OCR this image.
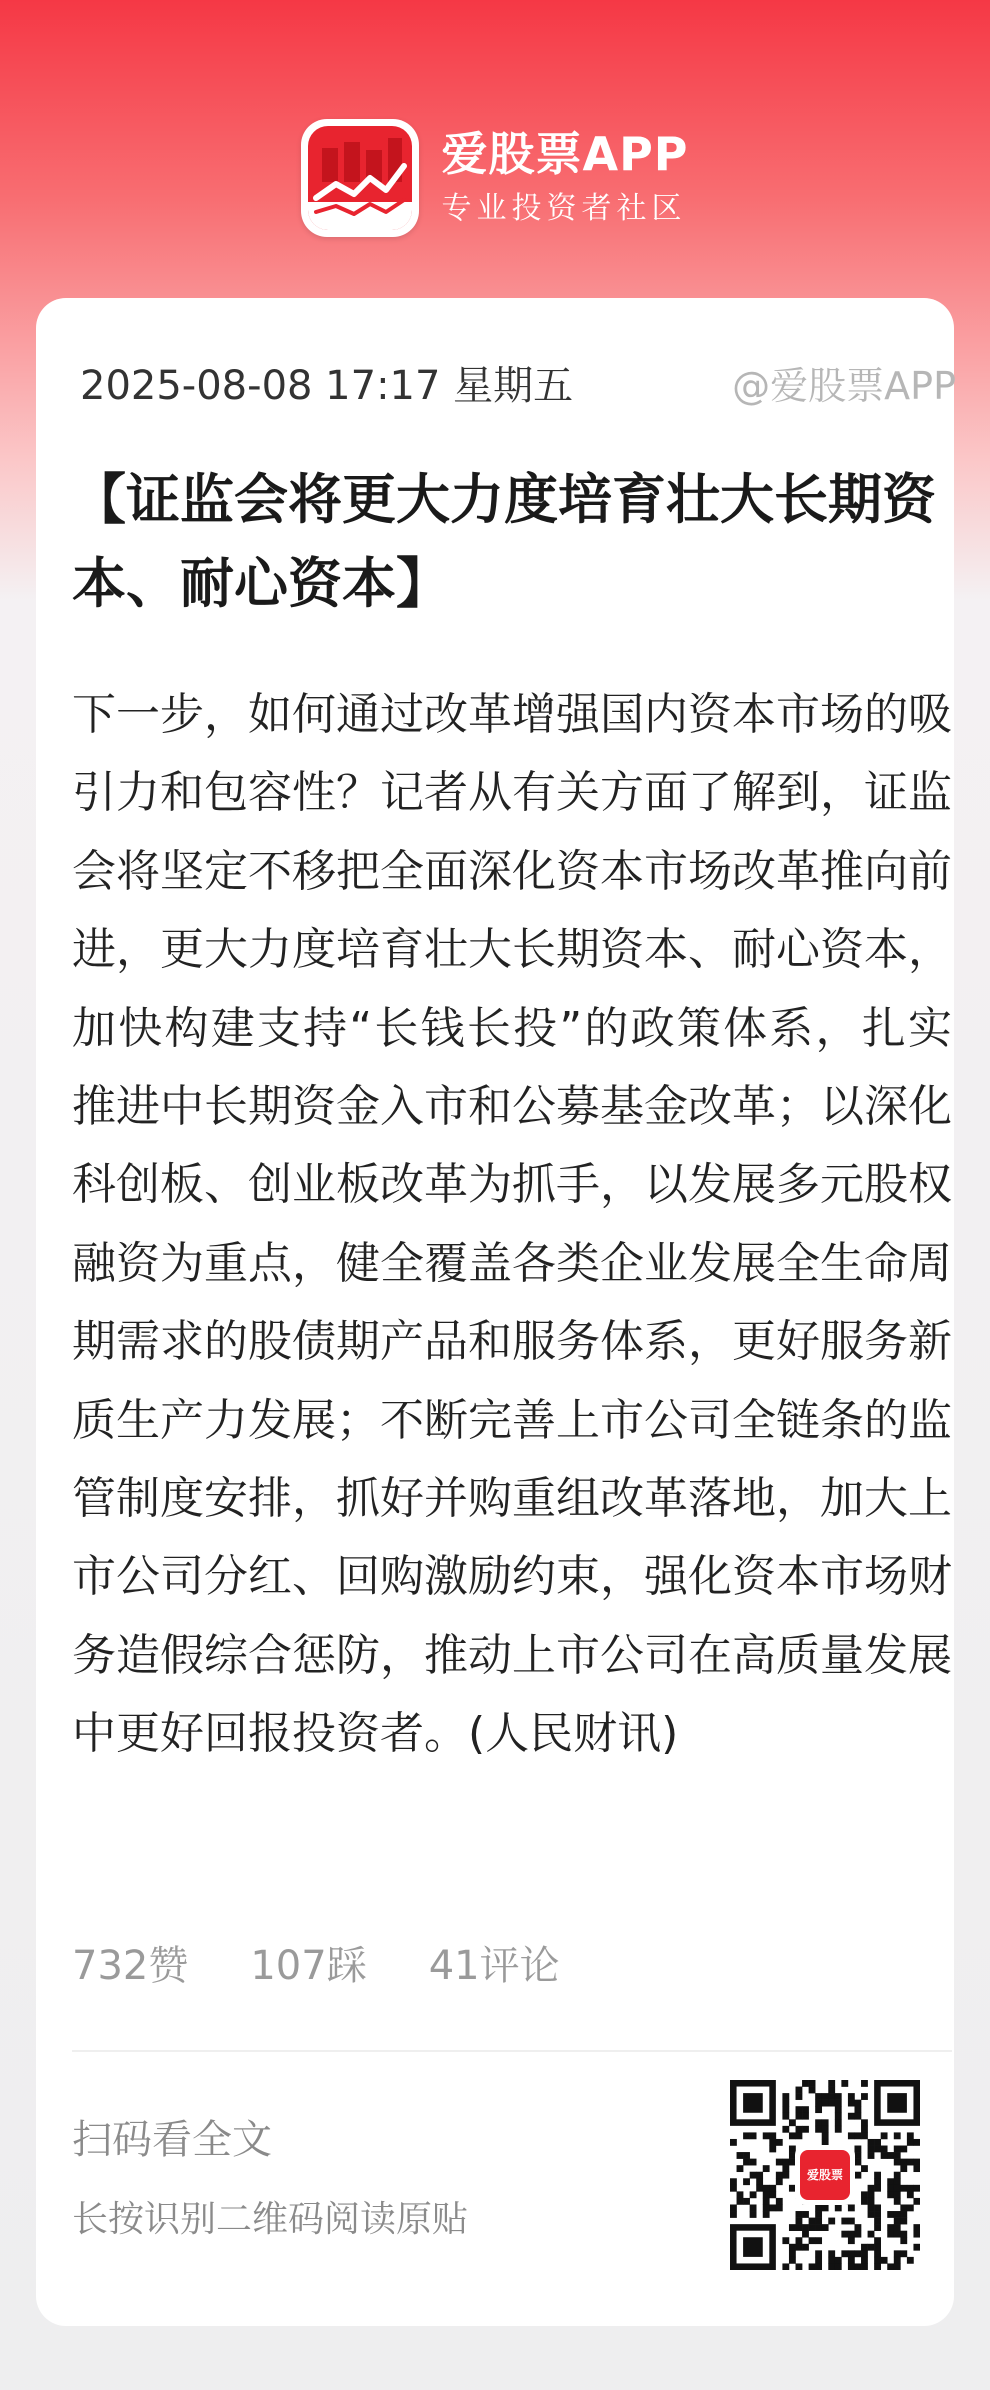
爱股票APP
专业投资者社区
2025-08-08 17:17 星期五	@爱股票APP
【证监会将更大力度培育壮大长期资本、耐心资本】

下一步，如何通过改革增强国内资本市场的吸引力和包容性？记者从有关方面了解到，证监会将坚定不移把全面深化资本市场改革推向前进，更大力度培育壮大长期资本、耐心资本，加快构建支持“长钱长投”的政策体系，扎实推进中长期资金入市和公募基金改革；以深化科创板、创业板改革为抓手，以发展多元股权融资为重点，健全覆盖各类企业发展全生命周期需求的股债期产品和服务体系，更好服务新质生产力发展；不断完善上市公司全链条的监管制度安排，抓好并购重组改革落地，加大上市公司分红、回购激励约束，强化资本市场财务造假综合惩防，推动上市公司在高质量发展中更好回报投资者。(人民财讯)

732赞 107踩 41评论
扫码看全文
长按识别二维码阅读原贴
爱股票
